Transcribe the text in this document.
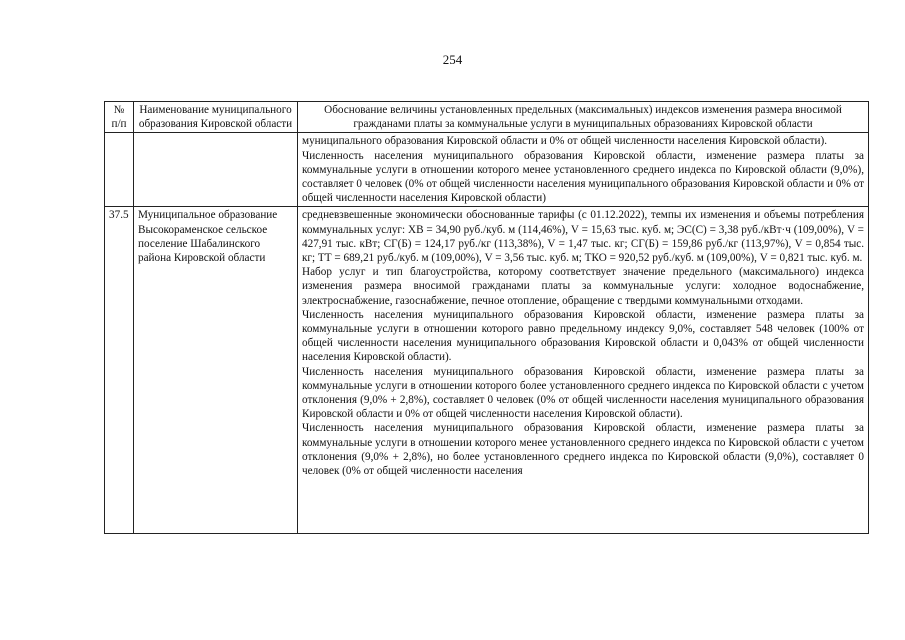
254
№ п/п	Наименование муниципального образования Кировской области	Обоснование величины установленных предельных (максимальных) индексов изменения размера вносимой гражданами платы за коммунальные услуги в муниципальных образованиях Кировской области

		муниципального образования Кировской области и 0% от общей численности населения Кировской области).

Численность населения муниципального образования Кировской области, изменение размера платы за коммунальные услуги в отношении которого менее установленного среднего индекса по Кировской области (9,0%), составляет 0 человек (0% от общей численности населения муниципального образования Кировской области и 0% от общей численности населения Кировской области)

37.5	Муниципальное образование Высокораменское сельское поселение Шабалинского района Кировской области	средневзвешенные экономически обоснованные тарифы (с 01.12.2022), темпы их изменения и объемы потребления коммунальных услуг: ХВ = 34,90 руб./куб. м (114,46%), V = 15,63 тыс. куб. м; ЭС(С) = 3,38 руб./кВт·ч (109,00%), V = 427,91 тыс. кВт; СГ(Б) = 124,17 руб./кг (113,38%), V = 1,47 тыс. кг; СГ(Б) = 159,86 руб./кг (113,97%), V = 0,854 тыс. кг; ТТ = 689,21 руб./куб. м (109,00%), V = 3,56 тыс. куб. м; ТКО = 920,52 руб./куб. м (109,00%), V = 0,821 тыс. куб. м.

Набор услуг и тип благоустройства, которому соответствует значение предельного (максимального) индекса изменения размера вносимой гражданами платы за коммунальные услуги: холодное водоснабжение, электроснабжение, газоснабжение, печное отопление, обращение с твердыми коммунальными отходами.

Численность населения муниципального образования Кировской области, изменение размера платы за коммунальные услуги в отношении которого равно предельному индексу 9,0%, составляет 548 человек (100% от общей численности населения муниципального образования Кировской области и 0,043% от общей численности населения Кировской области).

Численность населения муниципального образования Кировской области, изменение размера платы за коммунальные услуги в отношении которого более установленного среднего индекса по Кировской области с учетом отклонения (9,0% + 2,8%), составляет 0 человек (0% от общей численности населения муниципального образования Кировской области и 0% от общей численности населения Кировской области).

Численность населения муниципального образования Кировской области, изменение размера платы за коммунальные услуги в отношении которого менее установленного среднего индекса по Кировской области с учетом отклонения (9,0% + 2,8%), но более установленного среднего индекса по Кировской области (9,0%), составляет 0 человек (0% от общей численности населения
